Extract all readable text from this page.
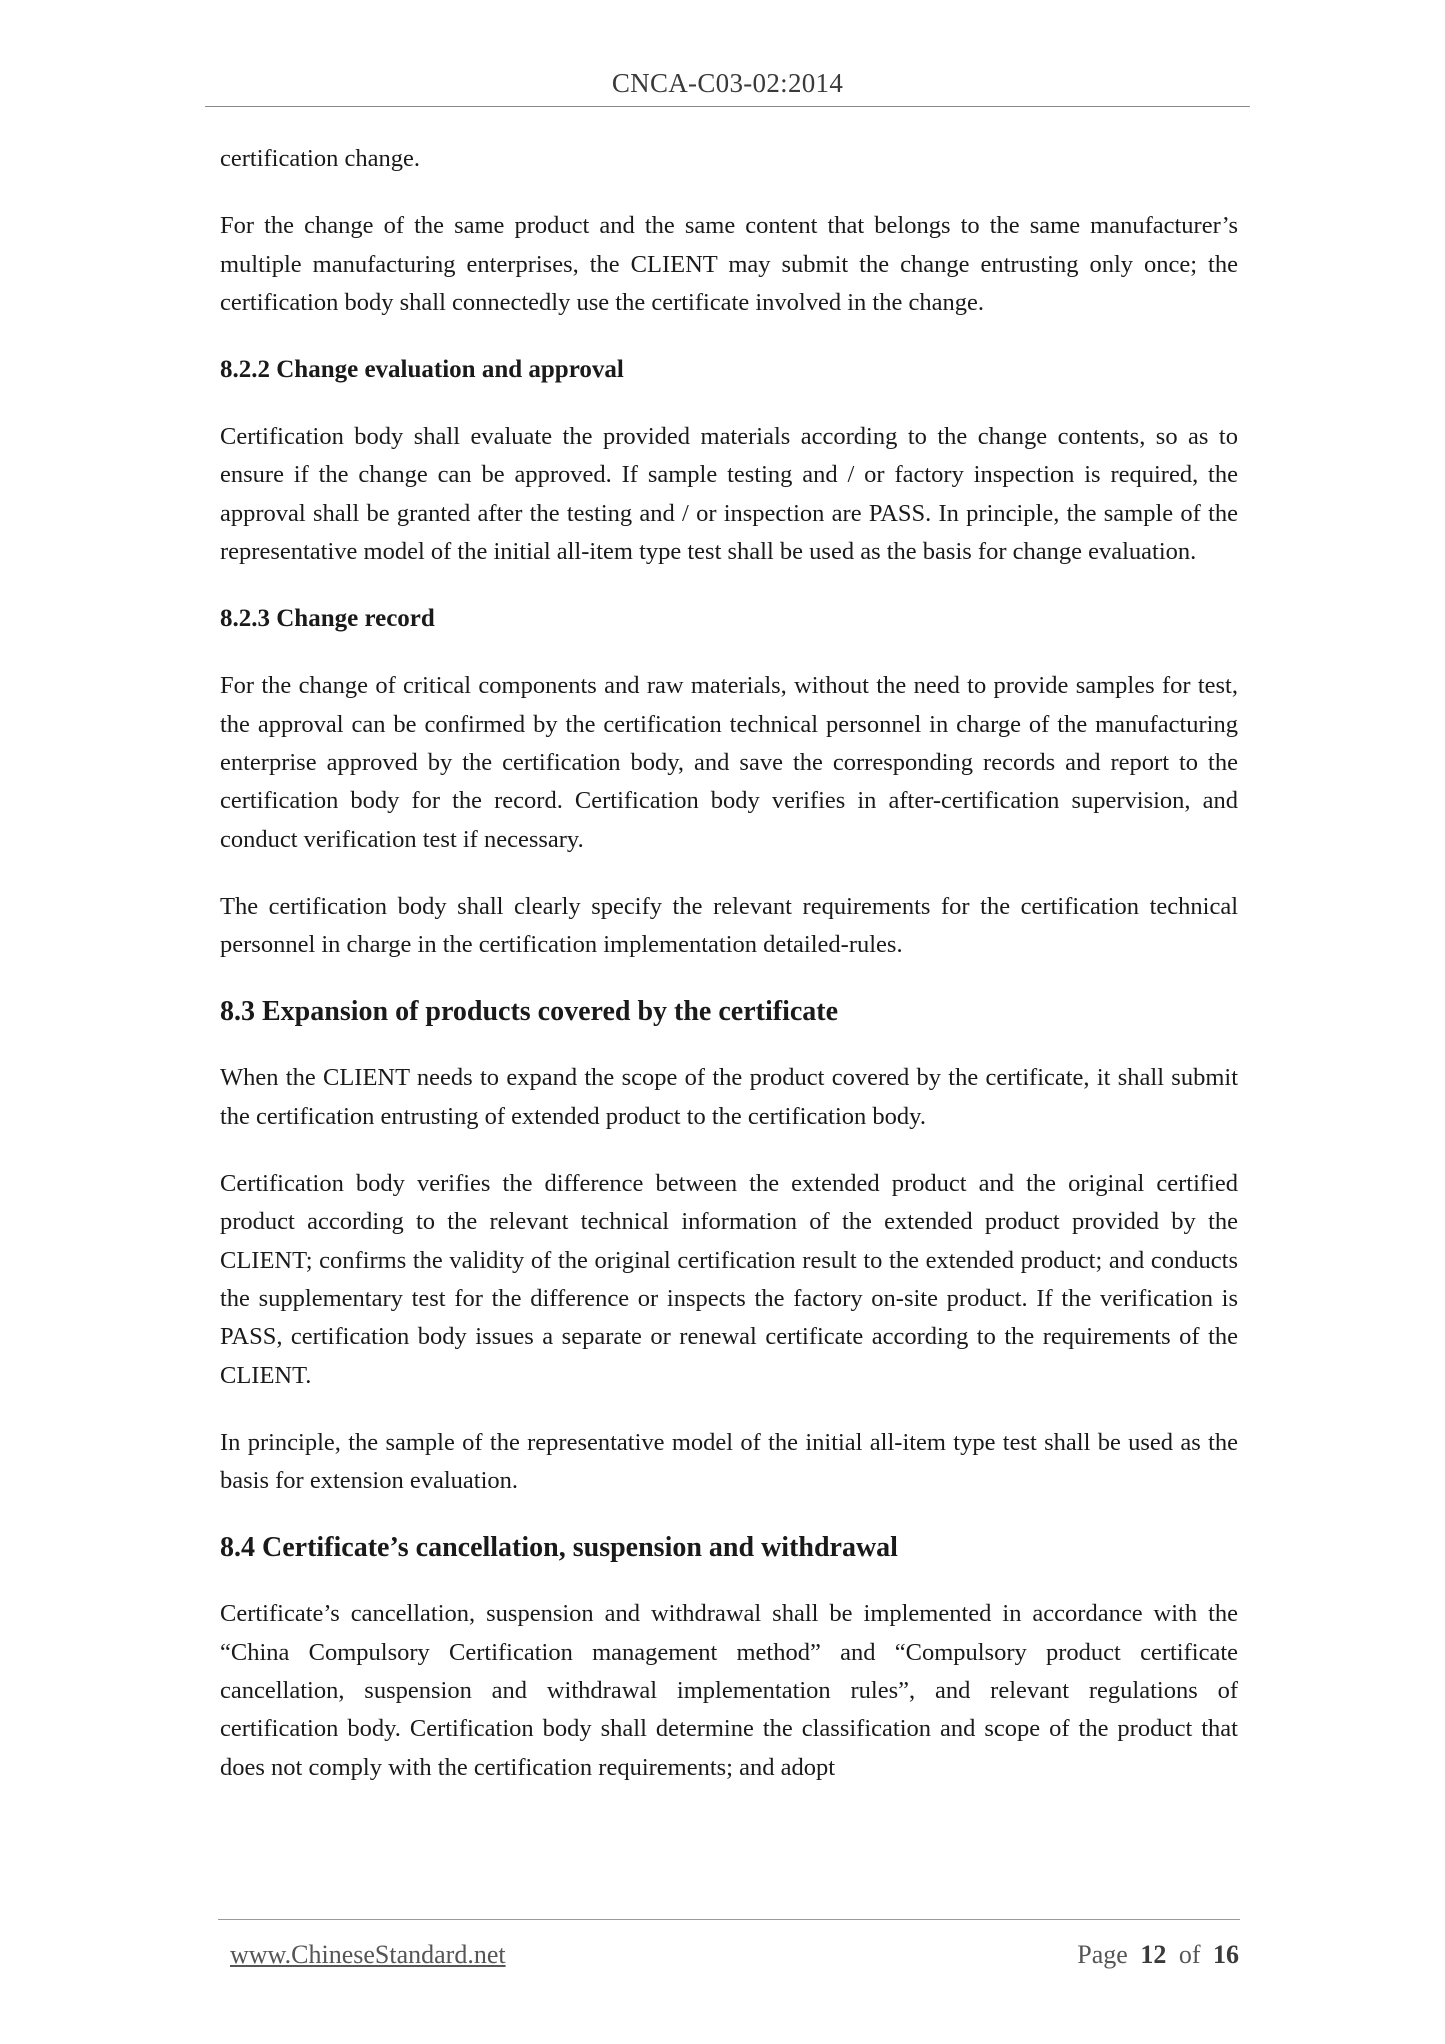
CNCA-C03-02:2014

certification change.

For the change of the same product and the same content that belongs to the same manufacturer’s multiple manufacturing enterprises, the CLIENT may submit the change entrusting only once; the certification body shall connectedly use the certificate involved in the change.

8.2.2 Change evaluation and approval

Certification body shall evaluate the provided materials according to the change contents, so as to ensure if the change can be approved. If sample testing and / or factory inspection is required, the approval shall be granted after the testing and / or inspection are PASS. In principle, the sample of the representative model of the initial all-item type test shall be used as the basis for change evaluation.

8.2.3 Change record

For the change of critical components and raw materials, without the need to provide samples for test, the approval can be confirmed by the certification technical personnel in charge of the manufacturing enterprise approved by the certification body, and save the corresponding records and report to the certification body for the record. Certification body verifies in after-certification supervision, and conduct verification test if necessary.

The certification body shall clearly specify the relevant requirements for the certification technical personnel in charge in the certification implementation detailed-rules.

8.3 Expansion of products covered by the certificate

When the CLIENT needs to expand the scope of the product covered by the certificate, it shall submit the certification entrusting of extended product to the certification body.

Certification body verifies the difference between the extended product and the original certified product according to the relevant technical information of the extended product provided by the CLIENT; confirms the validity of the original certification result to the extended product; and conducts the supplementary test for the difference or inspects the factory on-site product. If the verification is PASS, certification body issues a separate or renewal certificate according to the requirements of the CLIENT.

In principle, the sample of the representative model of the initial all-item type test shall be used as the basis for extension evaluation.

8.4 Certificate’s cancellation, suspension and withdrawal

Certificate’s cancellation, suspension and withdrawal shall be implemented in accordance with the “China Compulsory Certification management method” and “Compulsory product certificate cancellation, suspension and withdrawal implementation rules”, and relevant regulations of certification body. Certification body shall determine the classification and scope of the product that does not comply with the certification requirements; and adopt

www.ChineseStandard.net	Page 12 of 16
